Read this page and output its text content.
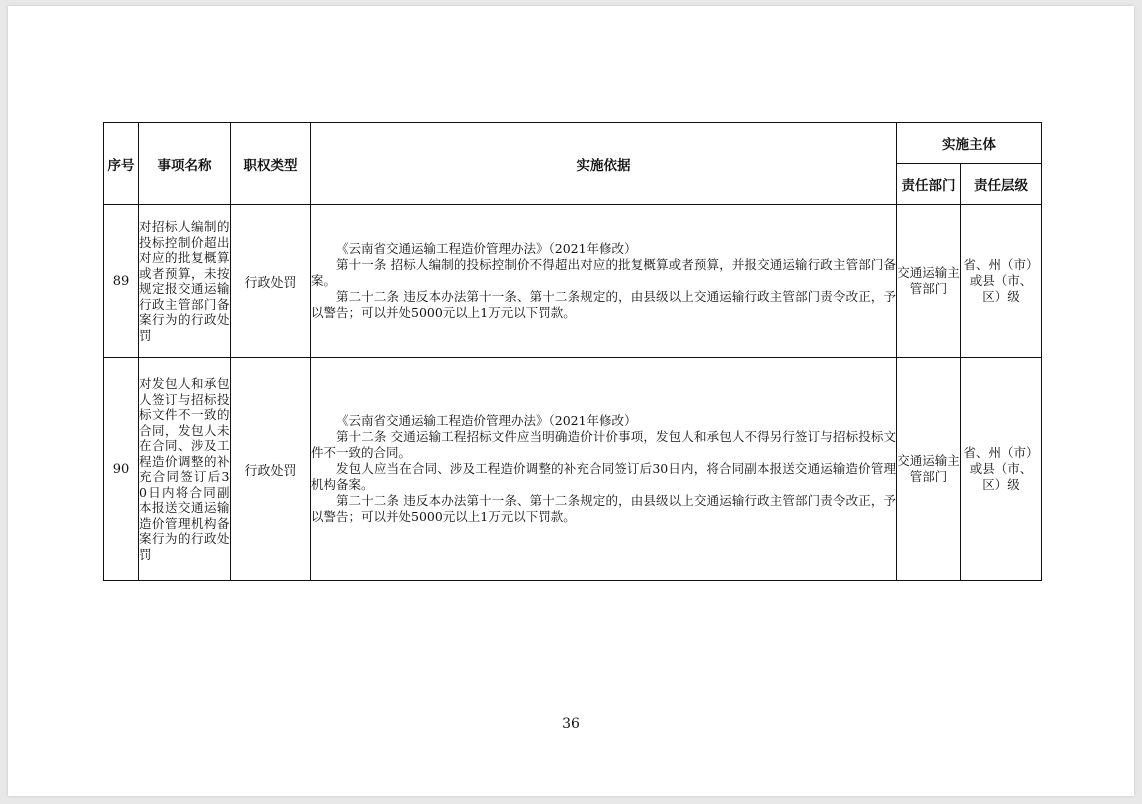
序号	事项名称	职权类型	实施依据	实施主体	
				责任部门	责任层级
89	对招标人编制的投标控制价超出对应的批复概算或者预算，未按规定报交通运输行政主管部门备案行为的行政处罚	行政处罚	《云南省交通运输工程造价管理办法》（2021年修改）

第十一条 招标人编制的投标控制价不得超出对应的批复概算或者预算，并报交通运输行政主管部门备案。

第二十二条 违反本办法第十一条、第十二条规定的，由县级以上交通运输行政主管部门责令改正，予以警告；可以并处5000元以上1万元以下罚款。	交通运输主管部门	省、州（市）或县（市、区）级
90	对发包人和承包人签订与招标投标文件不一致的合同，发包人未在合同、涉及工程造价调整的补充合同签订后30日内将合同副本报送交通运输造价管理机构备案行为的行政处罚	行政处罚	《云南省交通运输工程造价管理办法》（2021年修改）

第十二条 交通运输工程招标文件应当明确造价计价事项，发包人和承包人不得另行签订与招标投标文件不一致的合同。

发包人应当在合同、涉及工程造价调整的补充合同签订后30日内，将合同副本报送交通运输造价管理机构备案。

第二十二条 违反本办法第十一条、第十二条规定的，由县级以上交通运输行政主管部门责令改正，予以警告；可以并处5000元以上1万元以下罚款。	交通运输主管部门	省、州（市）或县（市、区）级
36
